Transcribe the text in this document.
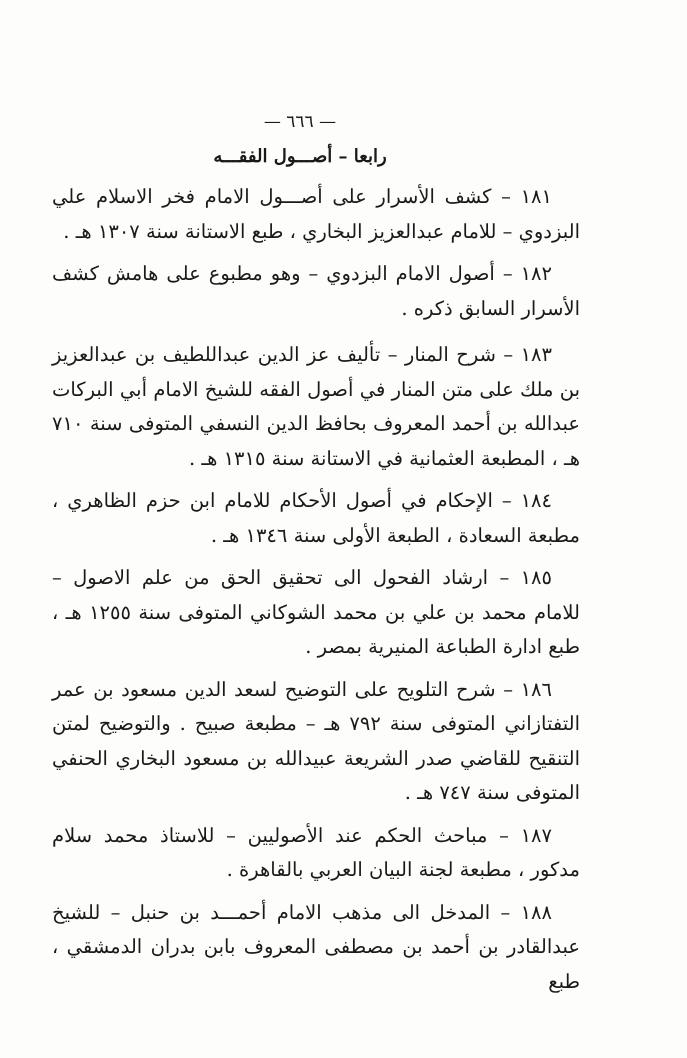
— ٦٦٦ —
رابعا – أصـــول الفقـــه

١٨١ – كشف الأسرار على أصـــول الامام فخر الاسلام علي البزدوي – للامام عبدالعزيز البخاري ، طبع الاستانة سنة ١٣٠٧ هـ .

١٨٢ – أصول الامام البزدوي – وهو مطبوع على هامش كشف الأسرار السابق ذكره .

١٨٣ – شرح المنار – تأليف عز الدين عبداللطيف بن عبدالعزيز بن ملك على متن المنار في أصول الفقه للشيخ الامام أبي البركات عبدالله بن أحمد المعروف بحافظ الدين النسفي المتوفى سنة ٧١٠ هـ ، المطبعة العثمانية في الاستانة سنة ١٣١٥ هـ .

١٨٤ – الإحكام في أصول الأحكام للامام ابن حزم الظاهري ، مطبعة السعادة ، الطبعة الأولى سنة ١٣٤٦ هـ .

١٨٥ – ارشاد الفحول الى تحقيق الحق من علم الاصول – للامام محمد بن علي بن محمد الشوكاني المتوفى سنة ١٢٥٥ هـ ، طبع ادارة الطباعة المنيرية بمصر .

١٨٦ – شرح التلويح على التوضيح لسعد الدين مسعود بن عمر التفتازاني المتوفى سنة ٧٩٢ هـ – مطبعة صبيح . والتوضيح لمتن التنقيح للقاضي صدر الشريعة عبيدالله بن مسعود البخاري الحنفي المتوفى سنة ٧٤٧ هـ .

١٨٧ – مباحث الحكم عند الأصوليين – للاستاذ محمد سلام مدكور ، مطبعة لجنة البيان العربي بالقاهرة .

١٨٨ – المدخل الى مذهب الامام أحمـــد بن حنبل – للشيخ عبدالقادر بن أحمد بن مصطفى المعروف بابن بدران الدمشقي ، طبع
